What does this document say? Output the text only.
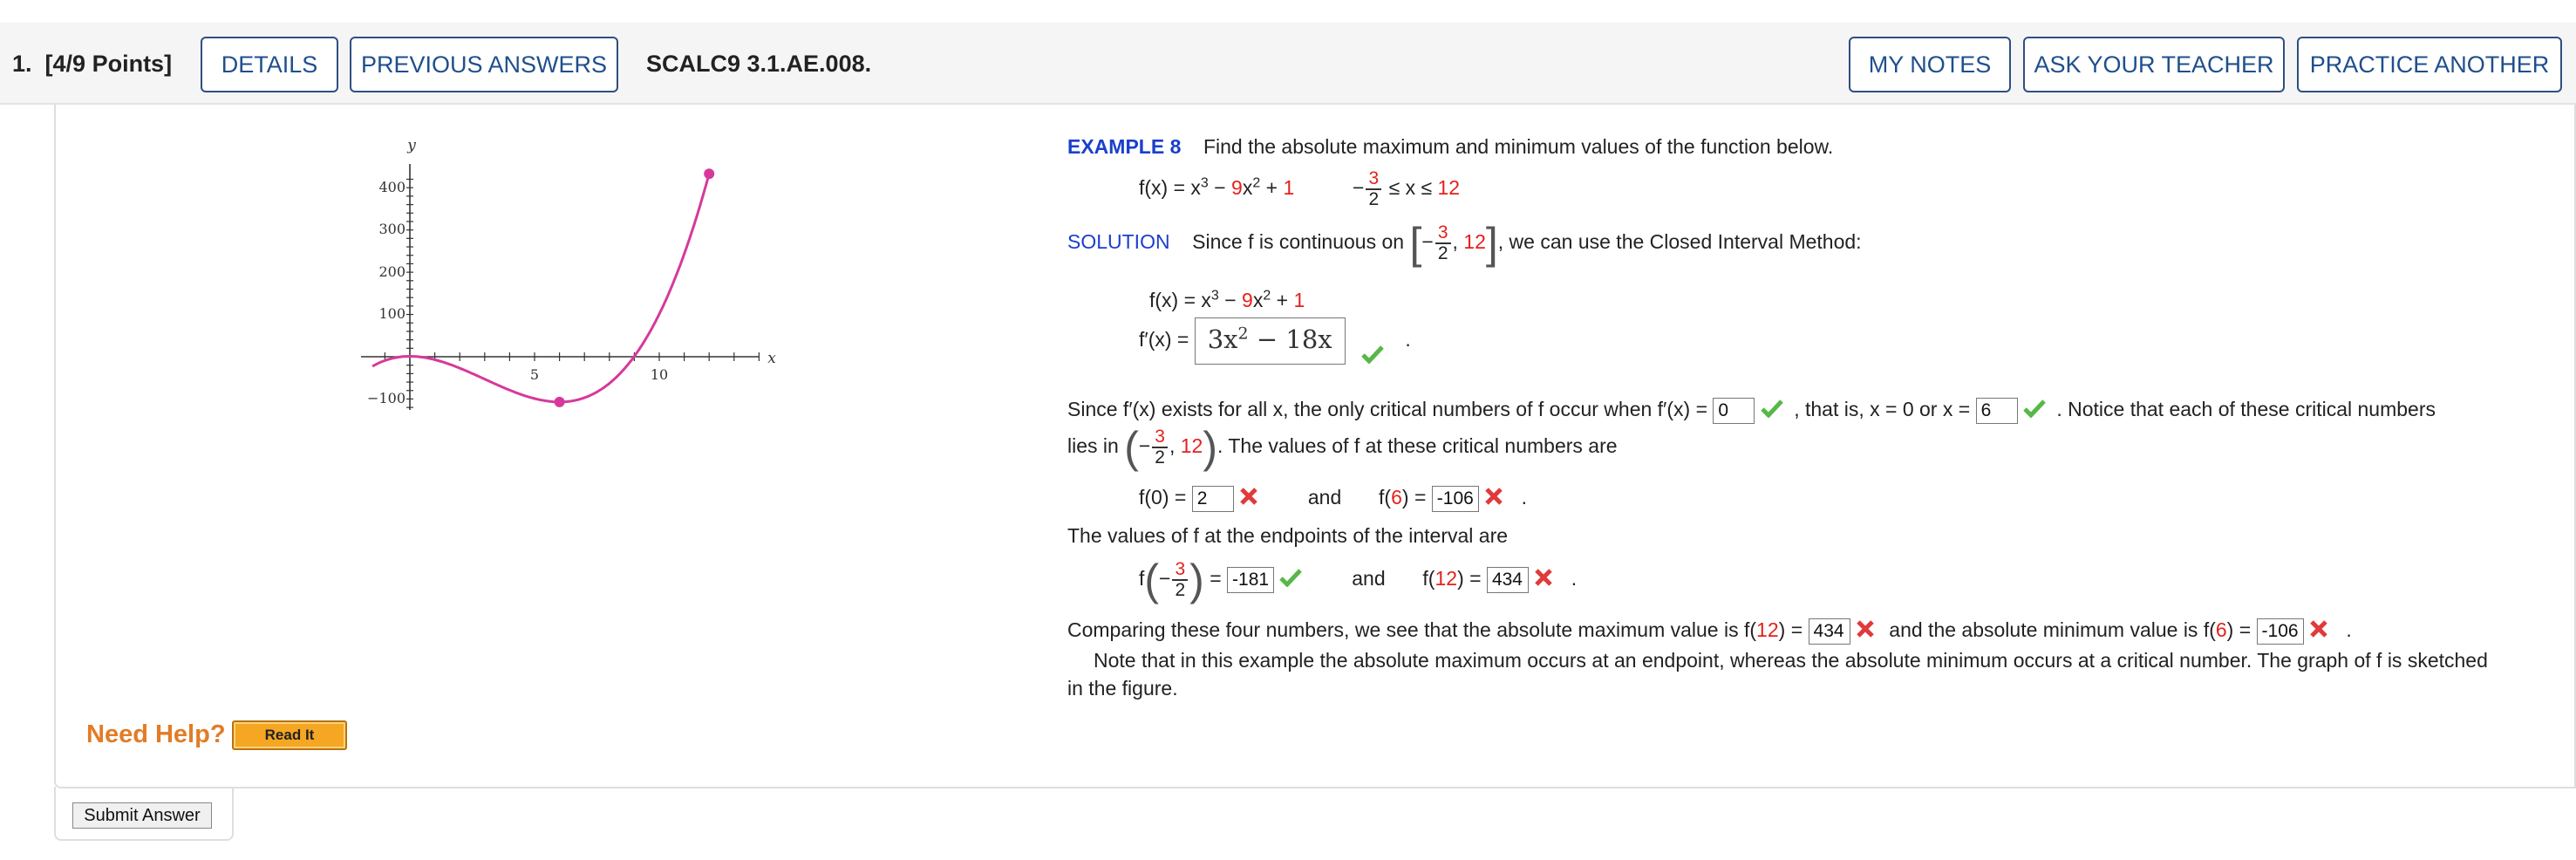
1. [4/9 Points]	DETAILS	PREVIOUS ANSWERS	SCALC9 3.1.AE.008.	MY NOTES	ASK YOUR TEACHER	PRACTICE ANOTHER
y
x
400
300
200
100
−100
5	10
EXAMPLE 8 Find the absolute maximum and minimum values of the function below.
$f(x) = x^3 - 9x^2 + 1$	− $\frac{3}{2} \le x \le 12$
SOLUTION Since f is continuous on [− $\frac{3}{2}$ , 12], we can use the Closed Interval Method:
$f(x) = x^3 - 9x^2 + 1$
$f'(x) = 3x^2 - 18x$	.
Since f′(x) exists for all x, the only critical numbers of f occur when f′(x) = 0	, that is, x = 0 or x = 6	. Notice that each of these critical numbers
lies in (− $\frac{3}{2}$ , 12). The values of f at these critical numbers are
f(0) = 2	and f(6) = -106 .
The values of f at the endpoints of the interval are
$f(- \frac{3}{2}$ ) = -181	and f(12) = 434 .
Comparing these four numbers, we see that the absolute maximum value is f(12) = 434 and the absolute minimum value is f(6) = -106 .
Note that in this example the absolute maximum occurs at an endpoint, whereas the absolute minimum occurs at a critical number. The graph of f is sketched
in the figure.
Need Help?	Read It
Submit Answer
